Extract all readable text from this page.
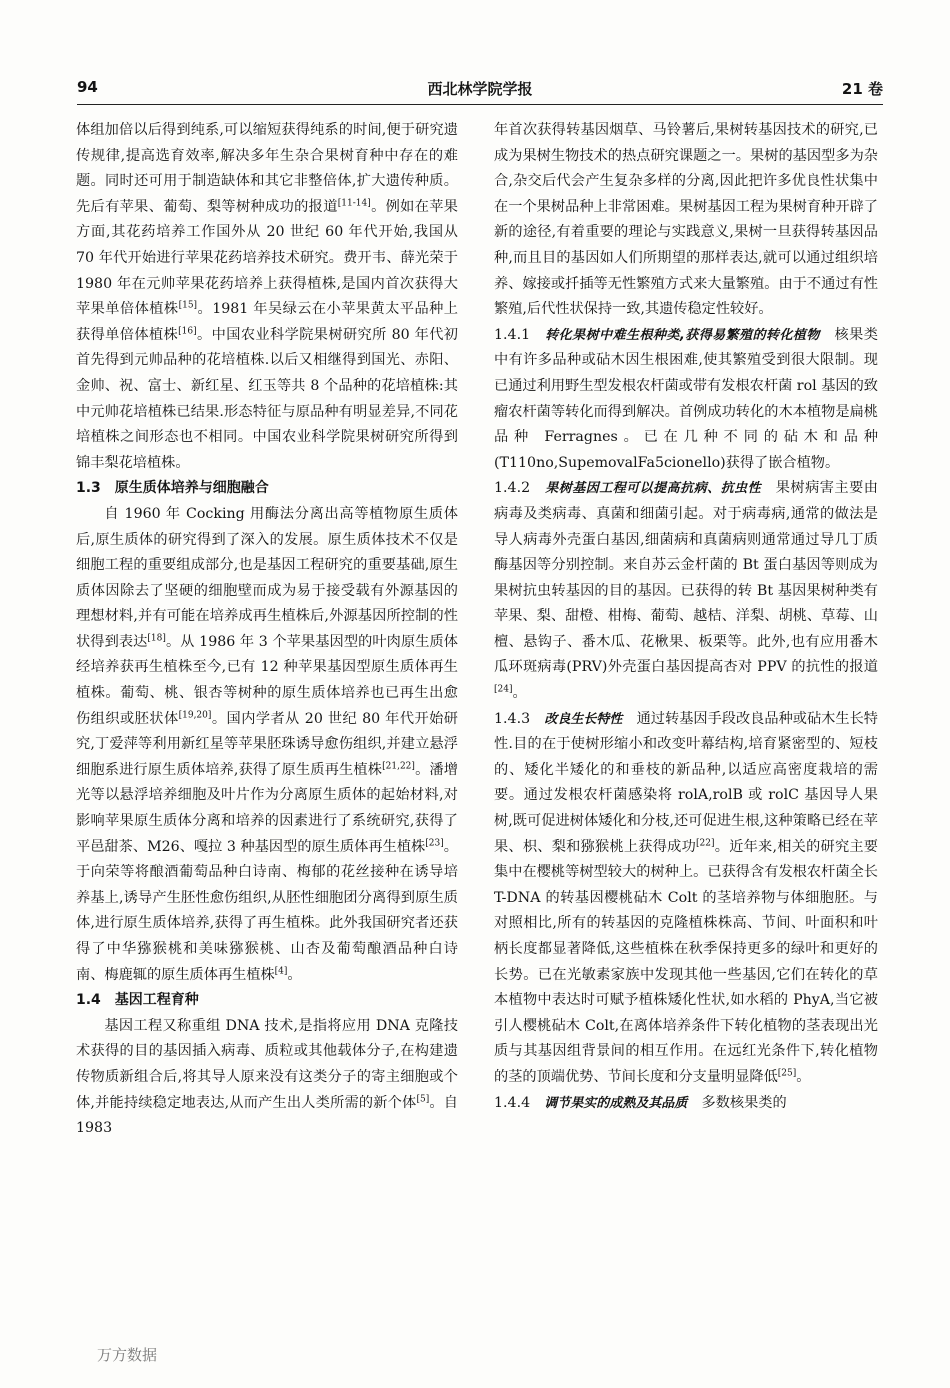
94	西北林学院学报	21 卷

体组加倍以后得到纯系,可以缩短获得纯系的时间,便于研究遗传规律,提高选育效率,解决多年生杂合果树育种中存在的难题。同时还可用于制造缺体和其它非整倍体,扩大遗传种质。先后有苹果、葡萄、梨等树种成功的报道[11-14]。例如在苹果方面,其花药培养工作国外从 20 世纪 60 年代开始,我国从 70 年代开始进行苹果花药培养技术研究。费开韦、薛光荣于 1980 年在元帅苹果花药培养上获得植株,是国内首次获得大苹果单倍体植株[15]。1981 年吴绿云在小苹果黄太平品种上获得单倍体植株[16]。中国农业科学院果树研究所 80 年代初首先得到元帅品种的花培植株.以后又相继得到国光、赤阳、金帅、祝、富士、新红星、红玉等共 8 个品种的花培植株:其中元帅花培植株已结果.形态特征与原品种有明显差异,不同花培植株之间形态也不相同。中国农业科学院果树研究所得到锦丰梨花培植株。

1.3　原生质体培养与细胞融合

自 1960 年 Cocking 用酶法分离出高等植物原生质体后,原生质体的研究得到了深入的发展。原生质体技术不仅是细胞工程的重要组成部分,也是基因工程研究的重要基础,原生质体因除去了坚硬的细胞壁而成为易于接受载有外源基因的理想材料,并有可能在培养成再生植株后,外源基因所控制的性状得到表达[18]。从 1986 年 3 个苹果基因型的叶肉原生质体经培养获再生植株至今,已有 12 种苹果基因型原生质体再生植株。葡萄、桃、银杏等树种的原生质体培养也已再生出愈伤组织或胚状体[19,20]。国内学者从 20 世纪 80 年代开始研究,丁爱萍等利用新红星等苹果胚珠诱导愈伤组织,并建立悬浮细胞系进行原生质体培养,获得了原生质再生植株[21,22]。潘增光等以悬浮培养细胞及叶片作为分离原生质体的起始材料,对影响苹果原生质体分离和培养的因素进行了系统研究,获得了平邑甜茶、M26、嘎拉 3 种基因型的原生质体再生植株[23]。于向荣等将酿酒葡萄品种白诗南、梅郁的花丝接种在诱导培养基上,诱导产生胚性愈伤组织,从胚性细胞团分离得到原生质体,进行原生质体培养,获得了再生植株。此外我国研究者还获得了中华猕猴桃和美味猕猴桃、山杏及葡萄酿酒品种白诗南、梅鹿辄的原生质体再生植株[4]。

1.4　基因工程育种

基因工程又称重组 DNA 技术,是指将应用 DNA 克隆技术获得的目的基因插入病毒、质粒或其他载体分子,在构建遗传物质新组合后,将其导人原来没有这类分子的寄主细胞或个体,并能持续稳定地表达,从而产生出人类所需的新个体[5]。自 1983

年首次获得转基因烟草、马铃薯后,果树转基因技术的研究,已成为果树生物技术的热点研究课题之一。果树的基因型多为杂合,杂交后代会产生复杂多样的分离,因此把许多优良性状集中在一个果树品种上非常困难。果树基因工程为果树育种开辟了新的途径,有着重要的理论与实践意义,果树一旦获得转基因品种,而且目的基因如人们所期望的那样表达,就可以通过组织培养、嫁接或扦插等无性繁殖方式来大量繁殖。由于不通过有性繁殖,后代性状保持一致,其遗传稳定性较好。

1.4.1　转化果树中难生根种类,获得易繁殖的转化植物　核果类中有许多品种或砧木因生根困难,使其繁殖受到很大限制。现已通过利用野生型发根农杆菌或带有发根农杆菌 rol 基因的致瘤农杆菌等转化而得到解决。首例成功转化的木本植物是扁桃品种 Ferragnes。已在几种不同的砧木和品种(T110no,SupemovalFa5cionello)获得了嵌合植物。

1.4.2　果树基因工程可以提高抗病、抗虫性　果树病害主要由病毒及类病毒、真菌和细菌引起。对于病毒病,通常的做法是导人病毒外壳蛋白基因,细菌病和真菌病则通常通过导几丁质酶基因等分别控制。来自苏云金杆菌的 Bt 蛋白基因等则成为果树抗虫转基因的目的基因。已获得的转 Bt 基因果树种类有苹果、梨、甜橙、柑梅、葡萄、越桔、洋梨、胡桃、草莓、山檀、悬钩子、番木瓜、花楸果、板栗等。此外,也有应用番木瓜环斑病毒(PRV)外壳蛋白基因提高杏对 PPV 的抗性的报道[24]。

1.4.3　改良生长特性　通过转基因手段改良品种或砧木生长特性.目的在于使树形缩小和改变叶幕结构,培育紧密型的、短枝的、矮化半矮化的和垂枝的新品种,以适应高密度栽培的需要。通过发根农杆菌感染将 rolA,rolB 或 rolC 基因导人果树,既可促进树体矮化和分枝,还可促进生根,这种策略已经在苹果、枳、梨和猕猴桃上获得成功[22]。近年来,相关的研究主要集中在樱桃等树型较大的树种上。已获得含有发根农杆菌全长 T-DNA 的转基因樱桃砧木 Colt 的茎培养物与体细胞胚。与对照相比,所有的转基因的克隆植株株高、节间、叶面积和叶柄长度都显著降低,这些植株在秋季保持更多的绿叶和更好的长势。已在光敏素家族中发现其他一些基因,它们在转化的草本植物中表达时可赋予植株矮化性状,如水稻的 PhyA,当它被引人樱桃砧木 Colt,在离体培养条件下转化植物的茎表现出光质与其基因组背景间的相互作用。在远红光条件下,转化植物的茎的顶端优势、节间长度和分支量明显降低[25]。

1.4.4　调节果实的成熟及其品质　多数核果类的

万方数据
